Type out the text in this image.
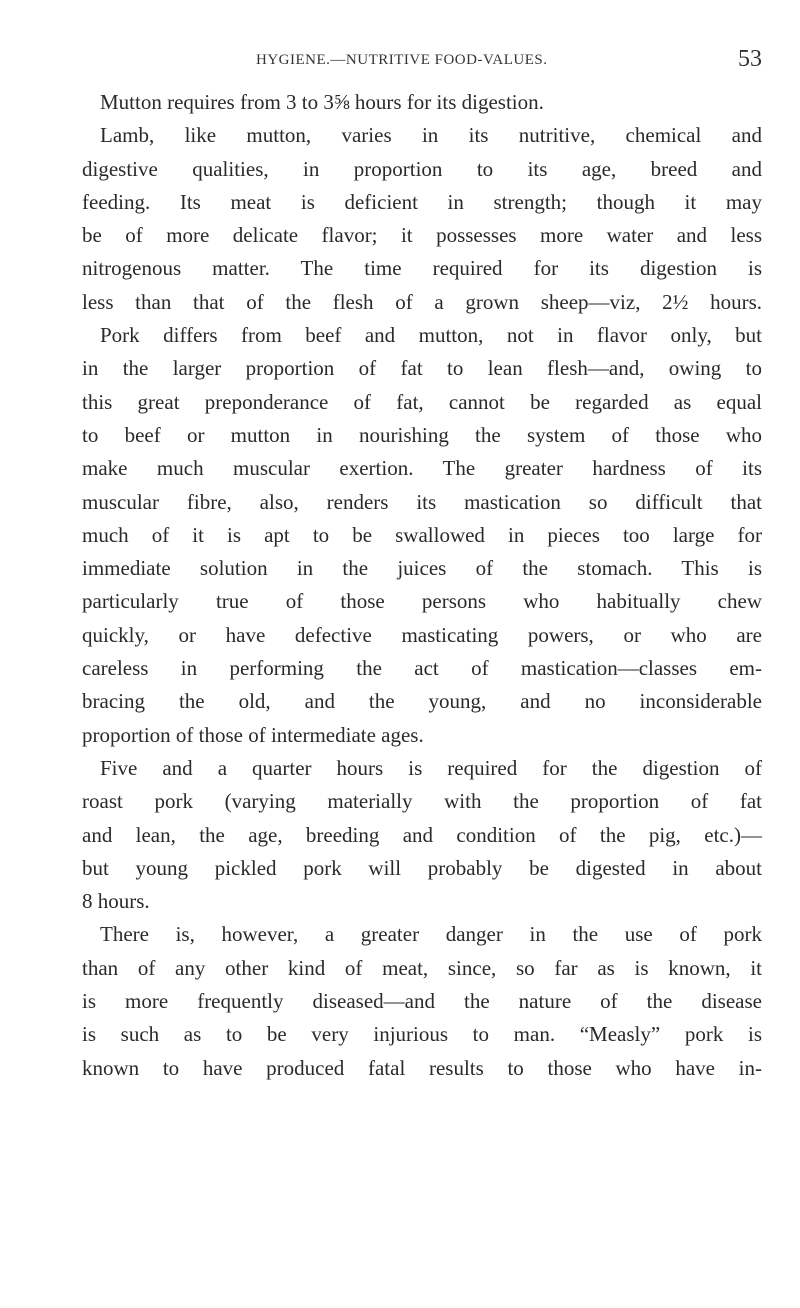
HYGIENE.—NUTRITIVE FOOD-VALUES.	53
Mutton requires from 3 to 3⅝ hours for its digestion.
Lamb, like mutton, varies in its nutritive, chemical and
digestive qualities, in proportion to its age, breed and
feeding. Its meat is deficient in strength; though it may
be of more delicate flavor; it possesses more water and less
nitrogenous matter. The time required for its digestion is
less than that of the flesh of a grown sheep—viz, 2½ hours.
Pork differs from beef and mutton, not in flavor only, but
in the larger proportion of fat to lean flesh—and, owing to
this great preponderance of fat, cannot be regarded as equal
to beef or mutton in nourishing the system of those who
make much muscular exertion. The greater hardness of its
muscular fibre, also, renders its mastication so difficult that
much of it is apt to be swallowed in pieces too large for
immediate solution in the juices of the stomach. This is
particularly true of those persons who habitually chew
quickly, or have defective masticating powers, or who are
careless in performing the act of mastication—classes em-
bracing the old, and the young, and no inconsiderable
proportion of those of intermediate ages.
Five and a quarter hours is required for the digestion of
roast pork (varying materially with the proportion of fat
and lean, the age, breeding and condition of the pig, etc.)—
but young pickled pork will probably be digested in about
8 hours.
There is, however, a greater danger in the use of pork
than of any other kind of meat, since, so far as is known, it
is more frequently diseased—and the nature of the disease
is such as to be very injurious to man. “Measly” pork is
known to have produced fatal results to those who have in-
